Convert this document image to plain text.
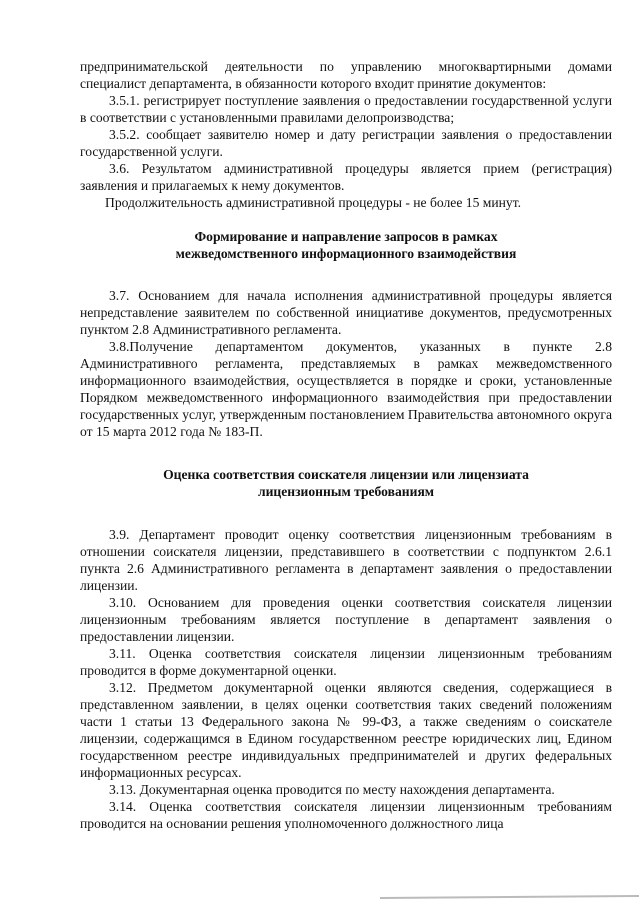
предпринимательской деятельности по управлению многоквартирными домами специалист департамента, в обязанности которого входит принятие документов:

3.5.1. регистрирует поступление заявления о предоставлении государственной услуги в соответствии с установленными правилами делопроизводства;

3.5.2. сообщает заявителю номер и дату регистрации заявления о предоставлении государственной услуги.

3.6. Результатом административной процедуры является прием (регистрация) заявления и прилагаемых к нему документов.

Продолжительность административной процедуры - не более 15 минут.

Формирование и направление запросов в рамках

межведомственного информационного взаимодействия

3.7. Основанием для начала исполнения административной процедуры является непредставление заявителем по собственной инициативе документов, предусмотренных пунктом 2.8 Административного регламента.

3.8.Получение департаментом документов, указанных в пункте 2.8 Административного регламента, представляемых в рамках межведомственного информационного взаимодействия, осуществляется в порядке и сроки, установленные Порядком межведомственного информационного взаимодействия при предоставлении государственных услуг, утвержденным постановлением Правительства автономного округа от 15 марта 2012 года № 183-П.

Оценка соответствия соискателя лицензии или лицензиата

лицензионным требованиям

3.9. Департамент проводит оценку соответствия лицензионным требованиям в отношении соискателя лицензии, представившего в соответствии с подпунктом 2.6.1 пункта 2.6 Административного регламента в департамент заявления о предоставлении лицензии.

3.10. Основанием для проведения оценки соответствия соискателя лицензии лицензионным требованиям является поступление в департамент заявления о предоставлении лицензии.

3.11. Оценка соответствия соискателя лицензии лицензионным требованиям проводится в форме документарной оценки.

3.12. Предметом документарной оценки являются сведения, содержащиеся в представленном заявлении, в целях оценки соответствия таких сведений положениям части 1 статьи 13 Федерального закона № 99-ФЗ, а также сведениям о соискателе лицензии, содержащимся в Едином государственном реестре юридических лиц, Едином государственном реестре индивидуальных предпринимателей и других федеральных информационных ресурсах.

3.13. Документарная оценка проводится по месту нахождения департамента.

3.14. Оценка соответствия соискателя лицензии лицензионным требованиям проводится на основании решения уполномоченного должностного лица
